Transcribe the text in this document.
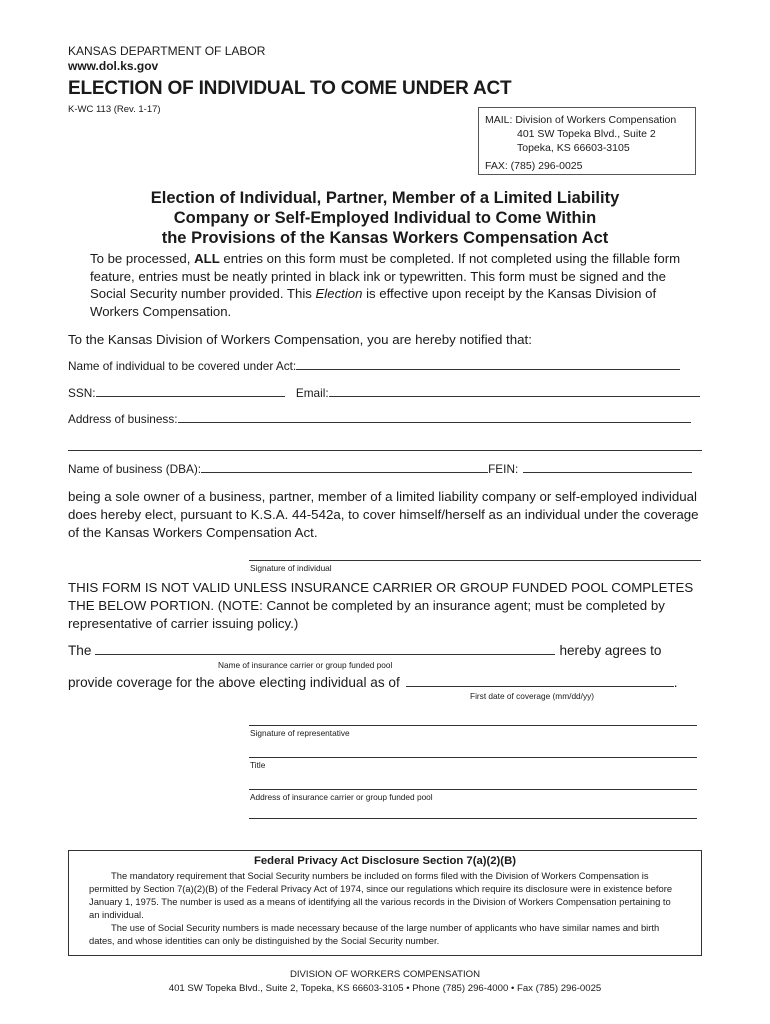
KANSAS DEPARTMENT OF LABOR
www.dol.ks.gov
ELECTION OF INDIVIDUAL TO COME UNDER ACT
K-WC 113 (Rev. 1-17)
MAIL: Division of Workers Compensation
401 SW Topeka Blvd., Suite 2
Topeka, KS 66603-3105
FAX: (785) 296-0025
Election of Individual, Partner, Member of a Limited Liability
Company or Self-Employed Individual to Come Within
the Provisions of the Kansas Workers Compensation Act
To be processed, ALL entries on this form must be completed. If not completed using the fillable form feature, entries must be neatly printed in black ink or typewritten. This form must be signed and the Social Security number provided. This Election is effective upon receipt by the Kansas Division of Workers Compensation.
To the Kansas Division of Workers Compensation, you are hereby notified that:
Name of individual to be covered under Act:
SSN:	Email:
Address of business:
Name of business (DBA):	FEIN:
being a sole owner of a business, partner, member of a limited liability company or self-employed individual does hereby elect, pursuant to K.S.A. 44-542a, to cover himself/herself as an individual under the coverage of the Kansas Workers Compensation Act.
Signature of individual
THIS FORM IS NOT VALID UNLESS INSURANCE CARRIER OR GROUP FUNDED POOL COMPLETES THE BELOW PORTION. (NOTE: Cannot be completed by an insurance agent; must be completed by representative of carrier issuing policy.)
The	hereby agrees to
Name of insurance carrier or group funded pool
provide coverage for the above electing individual as of	.
First date of coverage (mm/dd/yy)
Signature of representative
Title
Address of insurance carrier or group funded pool
Federal Privacy Act Disclosure Section 7(a)(2)(B)

The mandatory requirement that Social Security numbers be included on forms filed with the Division of Workers Compensation is permitted by Section 7(a)(2)(B) of the Federal Privacy Act of 1974, since our regulations which require its disclosure were in existence before January 1, 1975. The number is used as a means of identifying all the various records in the Division of Workers Compensation pertaining to an individual.

The use of Social Security numbers is made necessary because of the large number of applicants who have similar names and birth dates, and whose identities can only be distinguished by the Social Security number.

DIVISION OF WORKERS COMPENSATION
401 SW Topeka Blvd., Suite 2, Topeka, KS 66603-3105 • Phone (785) 296-4000 • Fax (785) 296-0025
